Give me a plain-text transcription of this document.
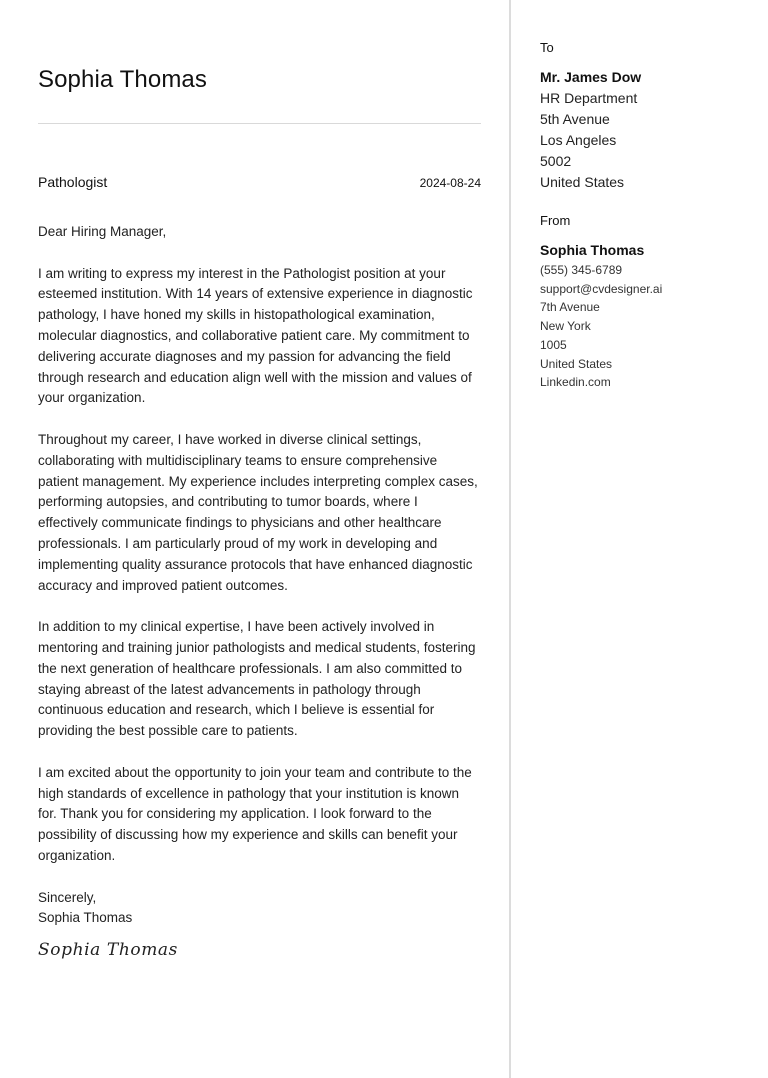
Sophia Thomas
Pathologist	2024-08-24
Dear Hiring Manager,

I am writing to express my interest in the Pathologist position at your esteemed institution. With 14 years of extensive experience in diagnostic pathology, I have honed my skills in histopathological examination, molecular diagnostics, and collaborative patient care. My commitment to delivering accurate diagnoses and my passion for advancing the field through research and education align well with the mission and values of your organization.

Throughout my career, I have worked in diverse clinical settings, collaborating with multidisciplinary teams to ensure comprehensive patient management. My experience includes interpreting complex cases, performing autopsies, and contributing to tumor boards, where I effectively communicate findings to physicians and other healthcare professionals. I am particularly proud of my work in developing and implementing quality assurance protocols that have enhanced diagnostic accuracy and improved patient outcomes.

In addition to my clinical expertise, I have been actively involved in mentoring and training junior pathologists and medical students, fostering the next generation of healthcare professionals. I am also committed to staying abreast of the latest advancements in pathology through continuous education and research, which I believe is essential for providing the best possible care to patients.

I am excited about the opportunity to join your team and contribute to the high standards of excellence in pathology that your institution is known for. Thank you for considering my application. I look forward to the possibility of discussing how my experience and skills can benefit your organization.

Sincerely,
Sophia Thomas
Sophia Thomas
To
Mr. James Dow
HR Department
5th Avenue
Los Angeles
5002
United States
From
Sophia Thomas
(555) 345-6789
support@cvdesigner.ai
7th Avenue
New York
1005
United States
Linkedin.com
